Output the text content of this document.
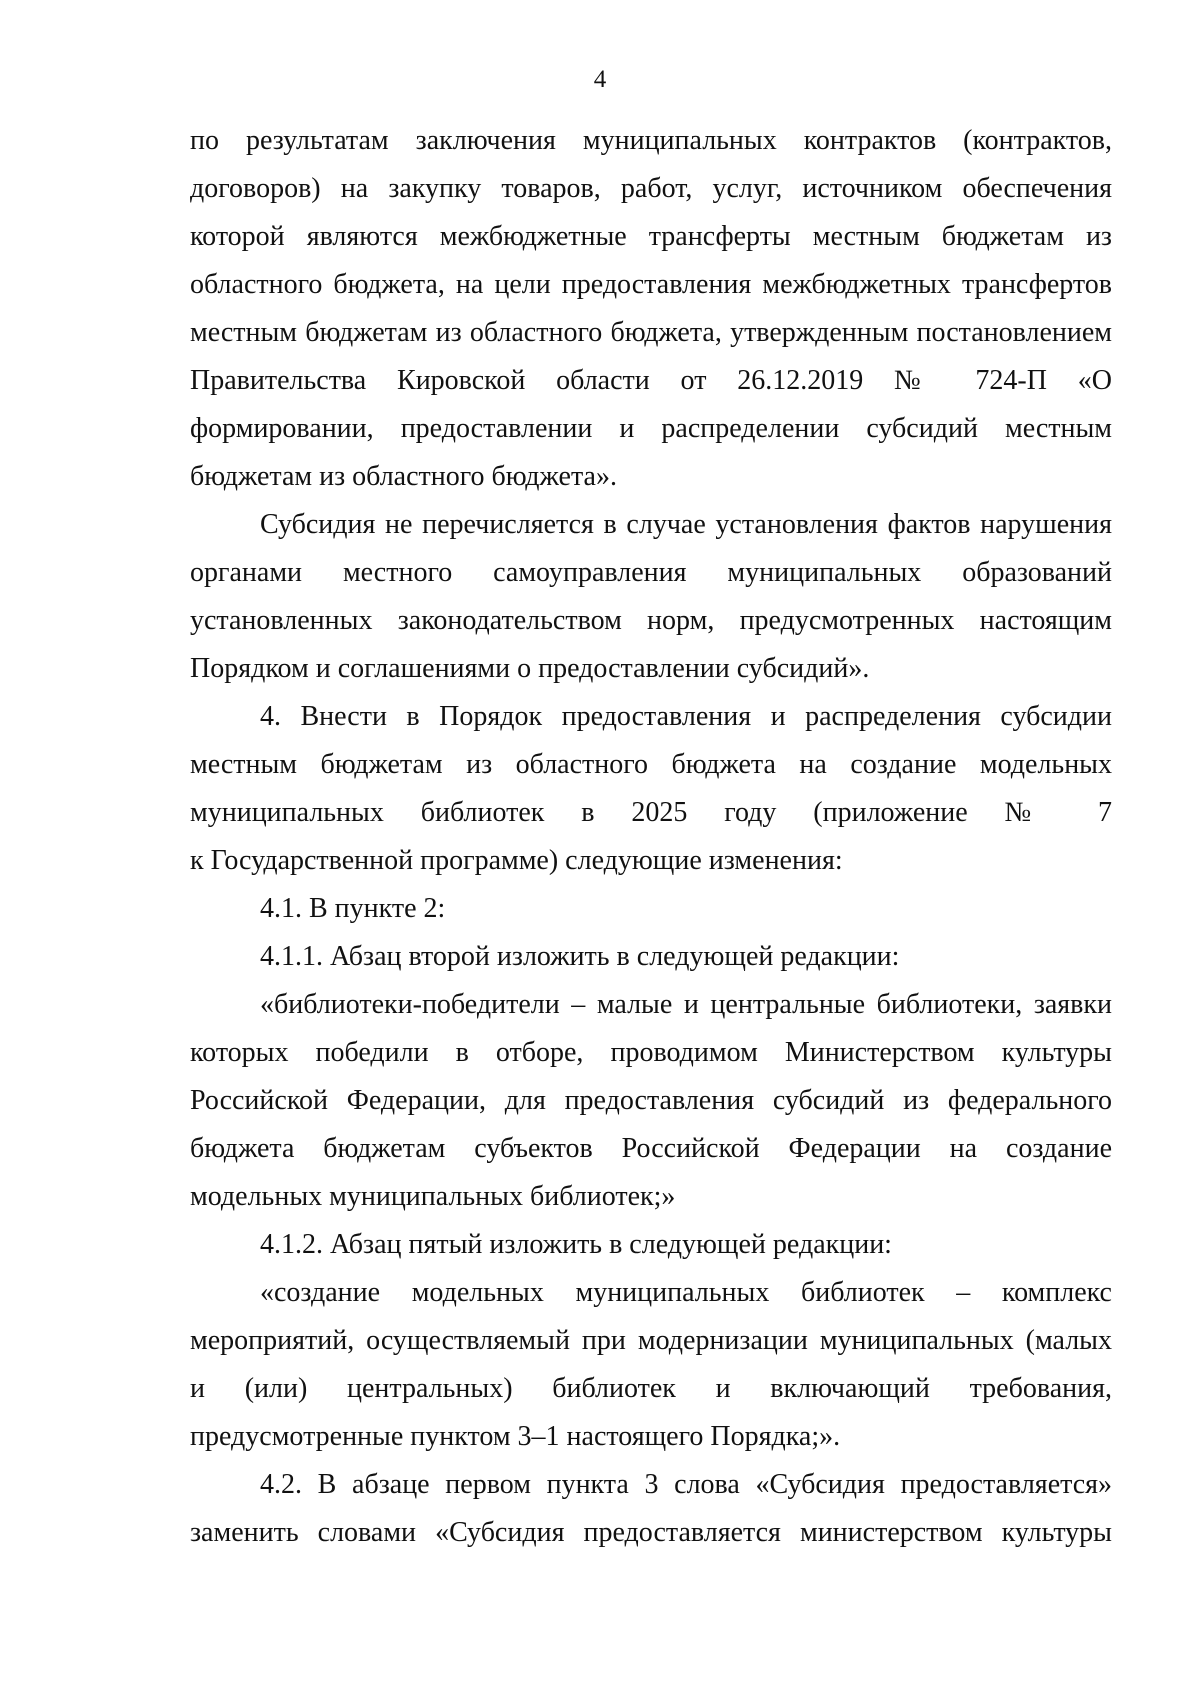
4
по результатам заключения муниципальных контрактов (контрактов,
договоров) на закупку товаров, работ, услуг, источником обеспечения
которой являются межбюджетные трансферты местным бюджетам из
областного бюджета, на цели предоставления межбюджетных трансфертов
местным бюджетам из областного бюджета, утвержденным постановлением
Правительства Кировской области от 26.12.2019 № 724-П «О
формировании, предоставлении и распределении субсидий местным
бюджетам из областного бюджета».
Субсидия не перечисляется в случае установления фактов нарушения
органами местного самоуправления муниципальных образований
установленных законодательством норм, предусмотренных настоящим
Порядком и соглашениями о предоставлении субсидий».
4. Внести в Порядок предоставления и распределения субсидии
местным бюджетам из областного бюджета на создание модельных
муниципальных библиотек в 2025 году (приложение № 7
к Государственной программе) следующие изменения:
4.1. В пункте 2:
4.1.1. Абзац второй изложить в следующей редакции:
«библиотеки-победители – малые и центральные библиотеки, заявки
которых победили в отборе, проводимом Министерством культуры
Российской Федерации, для предоставления субсидий из федерального
бюджета бюджетам субъектов Российской Федерации на создание
модельных муниципальных библиотек;»
4.1.2. Абзац пятый изложить в следующей редакции:
«создание модельных муниципальных библиотек – комплекс
мероприятий, осуществляемый при модернизации муниципальных (малых
и (или) центральных) библиотек и включающий требования,
предусмотренные пунктом 3–1 настоящего Порядка;».
4.2. В абзаце первом пункта 3 слова «Субсидия предоставляется»
заменить словами «Субсидия предоставляется министерством культуры
